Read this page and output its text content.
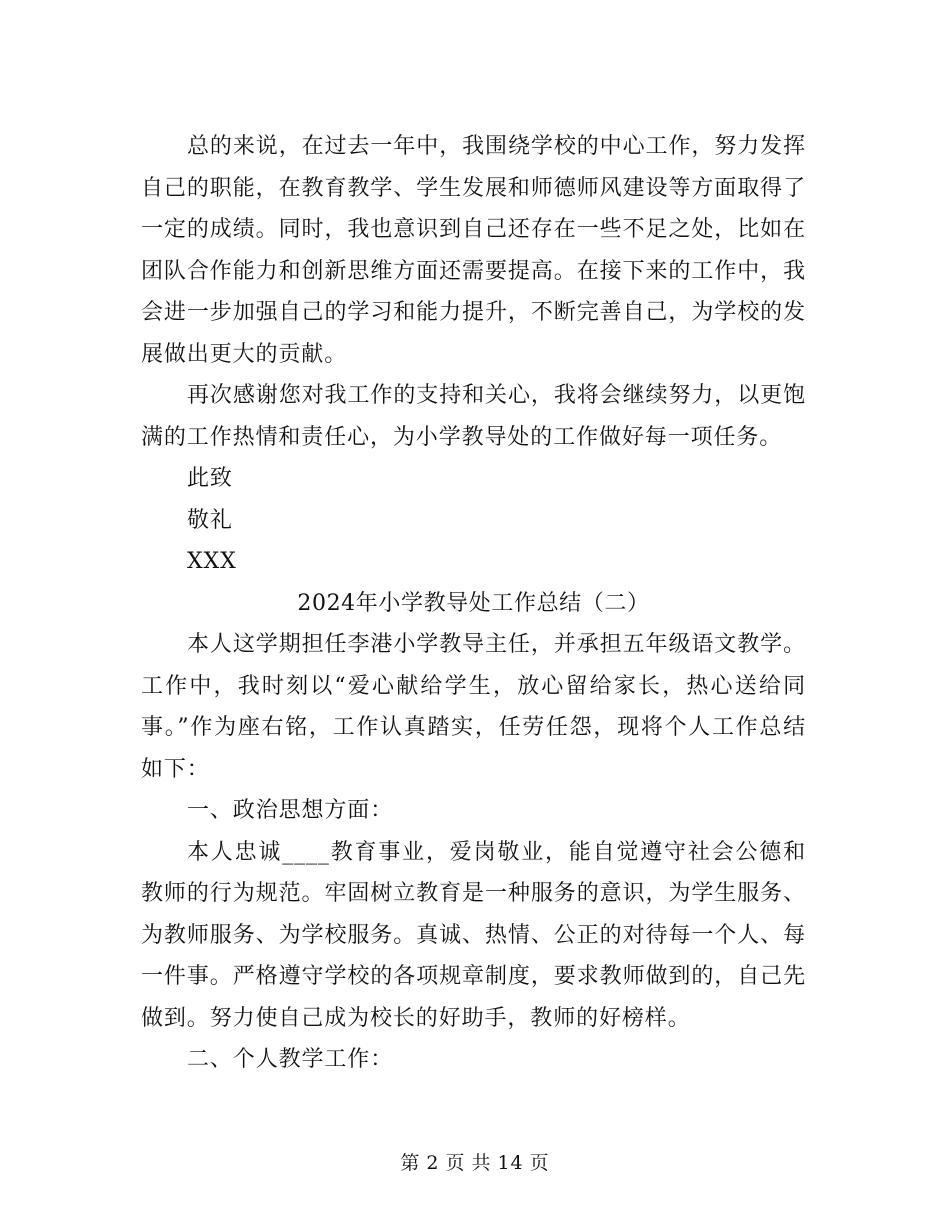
总的来说，在过去一年中，我围绕学校的中心工作，努力发挥自己的职能，在教育教学、学生发展和师德师风建设等方面取得了一定的成绩。同时，我也意识到自己还存在一些不足之处，比如在团队合作能力和创新思维方面还需要提高。在接下来的工作中，我会进一步加强自己的学习和能力提升，不断完善自己，为学校的发展做出更大的贡献。

再次感谢您对我工作的支持和关心，我将会继续努力，以更饱满的工作热情和责任心，为小学教导处的工作做好每一项任务。

此致

敬礼

XXX

2024年小学教导处工作总结（二）

本人这学期担任李港小学教导主任，并承担五年级语文教学。工作中，我时刻以“爱心献给学生，放心留给家长，热心送给同事。”作为座右铭，工作认真踏实，任劳任怨，现将个人工作总结如下：

一、政治思想方面：

本人忠诚____教育事业，爱岗敬业，能自觉遵守社会公德和教师的行为规范。牢固树立教育是一种服务的意识，为学生服务、为教师服务、为学校服务。真诚、热情、公正的对待每一个人、每一件事。严格遵守学校的各项规章制度，要求教师做到的，自己先做到。努力使自己成为校长的好助手，教师的好榜样。

二、个人教学工作：

第 2 页 共 14 页
